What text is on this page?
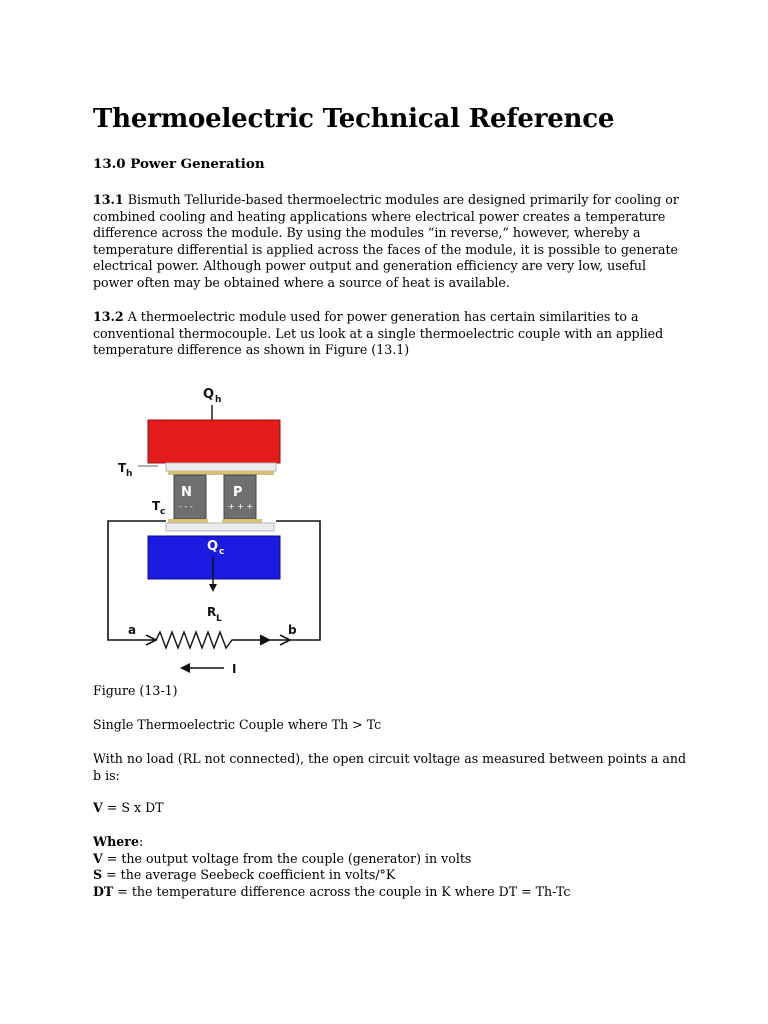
Thermoelectric Technical Reference
13.0 Power Generation

13.1 Bismuth Telluride-based thermoelectric modules are designed primarily for cooling or combined cooling and heating applications where electrical power creates a temperature difference across the module. By using the modules “in reverse,” however, whereby a temperature differential is applied across the faces of the module, it is possible to generate electrical power. Although power output and generation efficiency are very low, useful power often may be obtained where a source of heat is available.

13.2 A thermoelectric module used for power generation has certain similarities to a conventional thermocouple. Let us look at a single thermoelectric couple with an applied temperature difference as shown in Figure (13.1)

Q h
T h
N
- - -
P
+ + +
T c
Q c
R L
a	b
I
Figure (13-1)
Single Thermoelectric Couple where Th > Tc
With no load (RL not connected), the open circuit voltage as measured between points a and b is:
V = S x DT
Where:
V = the output voltage from the couple (generator) in volts
S = the average Seebeck coefficient in volts/°K
DT = the temperature difference across the couple in K where DT = Th-Tc
